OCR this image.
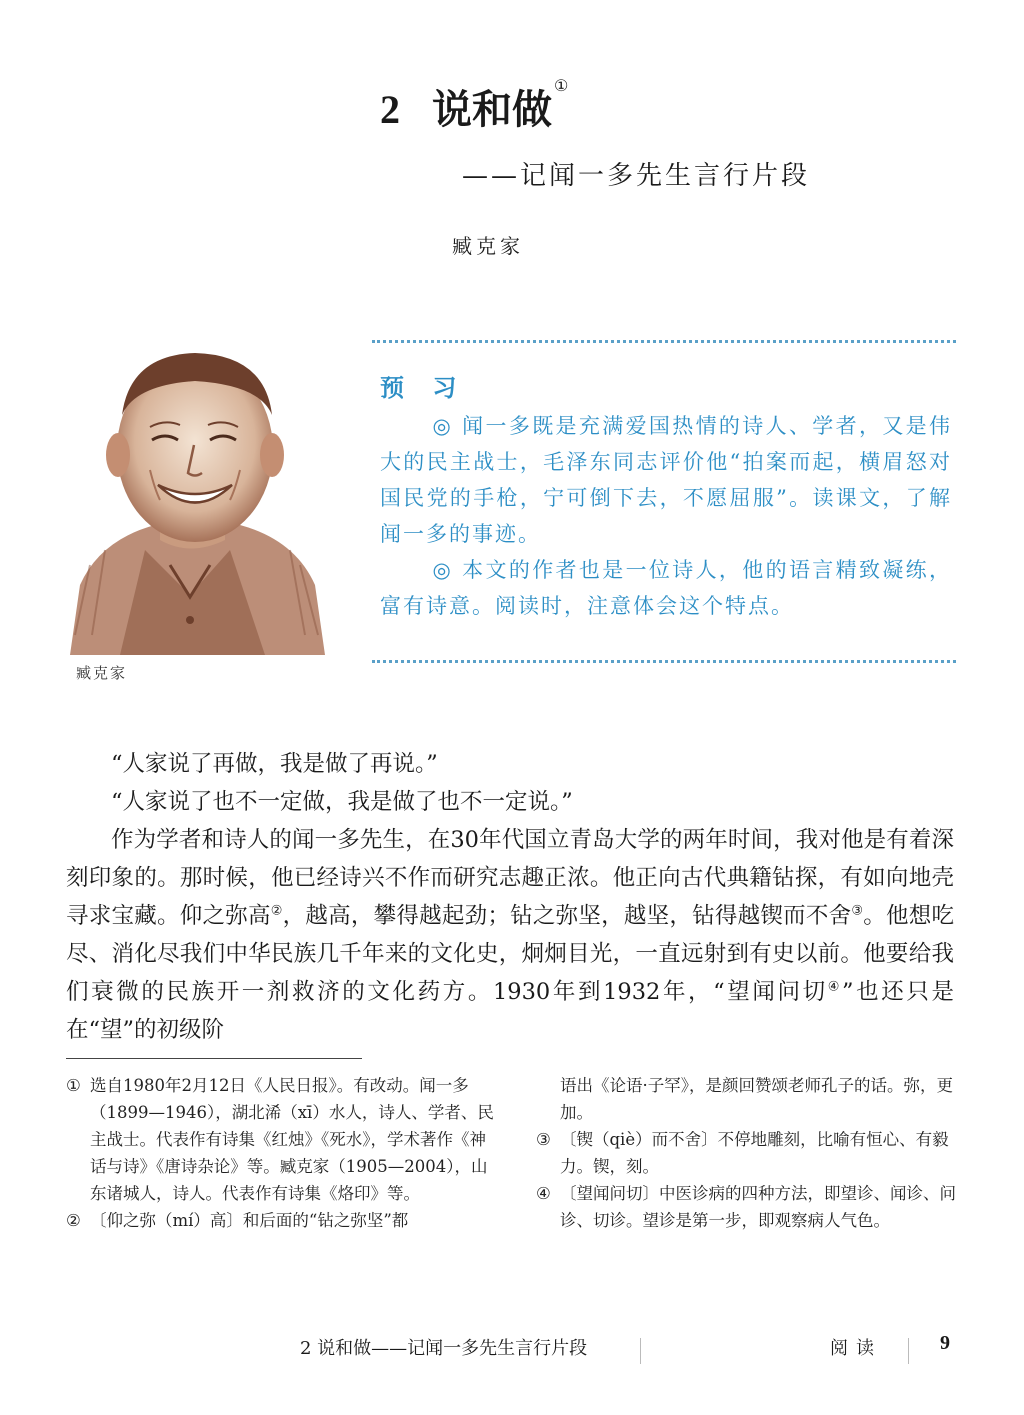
2 说和做①
——记闻一多先生言行片段
臧克家
臧克家
预 习

◎ 闻一多既是充满爱国热情的诗人、学者，又是伟大的民主战士，毛泽东同志评价他“拍案而起，横眉怒对国民党的手枪，宁可倒下去，不愿屈服”。读课文，了解闻一多的事迹。

◎ 本文的作者也是一位诗人，他的语言精致凝练，富有诗意。阅读时，注意体会这个特点。

“人家说了再做，我是做了再说。”

“人家说了也不一定做，我是做了也不一定说。”

作为学者和诗人的闻一多先生，在30年代国立青岛大学的两年时间，我对他是有着深刻印象的。那时候，他已经诗兴不作而研究志趣正浓。他正向古代典籍钻探，有如向地壳寻求宝藏。仰之弥高②，越高，攀得越起劲；钻之弥坚，越坚，钻得越锲而不舍③。他想吃尽、消化尽我们中华民族几千年来的文化史，炯炯目光，一直远射到有史以前。他要给我们衰微的民族开一剂救济的文化药方。1930年到1932年，“望闻问切④”也还只是在“望”的初级阶

① 选自1980年2月12日《人民日报》。有改动。闻一多（1899—1946），湖北浠（xī）水人，诗人、学者、民主战士。代表作有诗集《红烛》《死水》，学术著作《神话与诗》《唐诗杂论》等。臧克家（1905—2004），山东诸城人，诗人。代表作有诗集《烙印》等。
② 〔仰之弥（mí）高〕和后面的“钻之弥坚”都
语出《论语·子罕》，是颜回赞颂老师孔子的话。弥，更加。
③ 〔锲（qiè）而不舍〕不停地雕刻，比喻有恒心、有毅力。锲，刻。
④ 〔望闻问切〕中医诊病的四种方法，即望诊、闻诊、问诊、切诊。望诊是第一步，即观察病人气色。
2 说和做——记闻一多先生言行片段	阅读	9
